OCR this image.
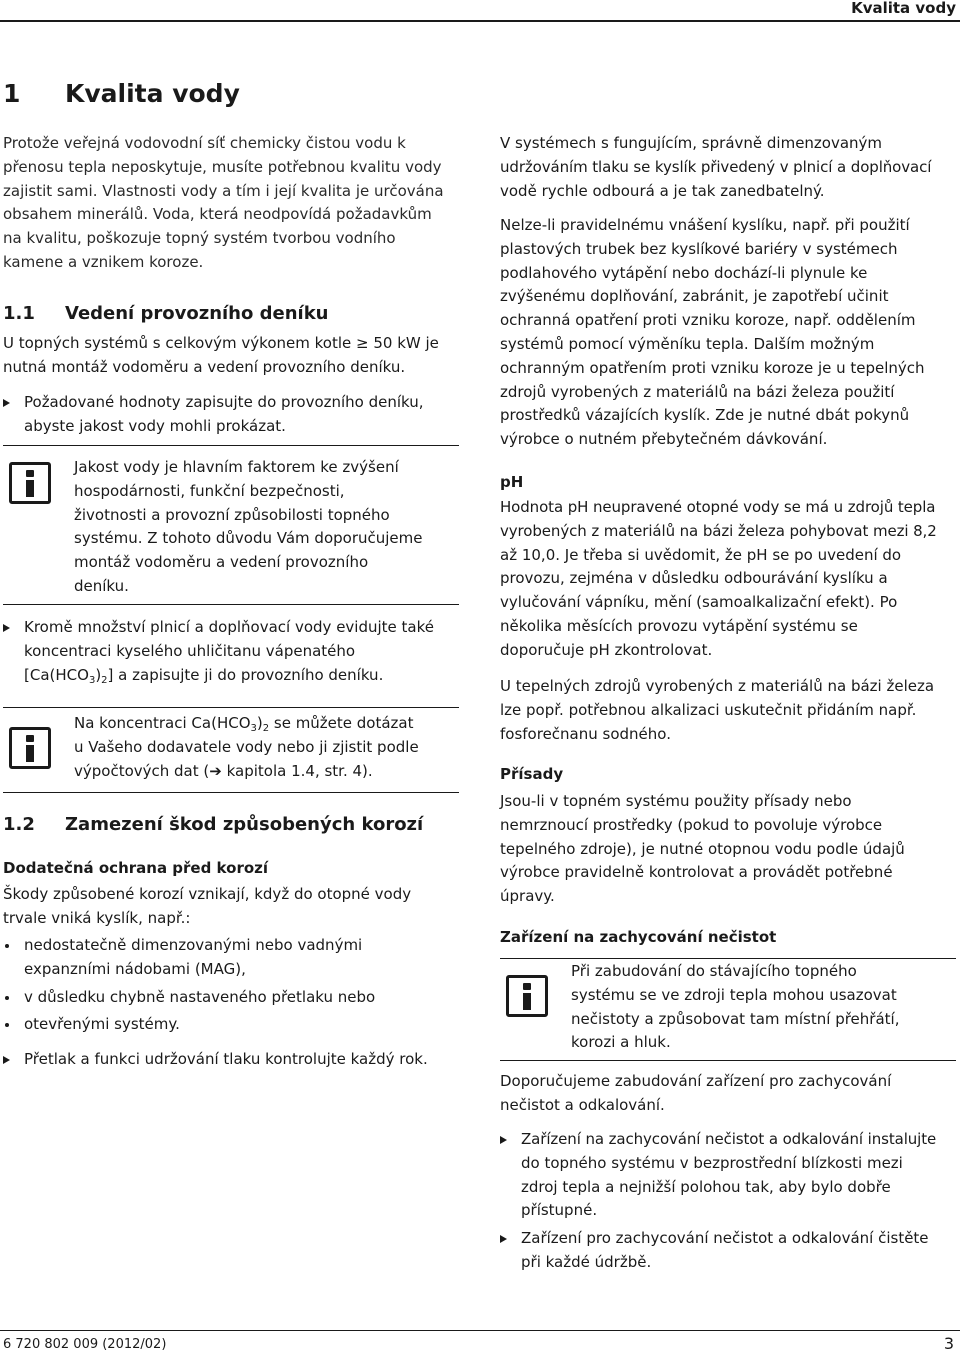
Kvalita vody
1 Kvalita vody
Protože veřejná vodovodní síť chemicky čistou vodu k
přenosu tepla neposkytuje, musíte potřebnou kvalitu vody
zajistit sami. Vlastnosti vody a tím i její kvalita je určována
obsahem minerálů. Voda, která neodpovídá požadavkům
na kvalitu, poškozuje topný systém tvorbou vodního
kamene a vznikem koroze.
1.1 Vedení provozního deníku
U topných systémů s celkovým výkonem kotle ≥ 50 kW je
nutná montáž vodoměru a vedení provozního deníku.
Požadované hodnoty zapisujte do provozního deníku,
abyste jakost vody mohli prokázat.
Jakost vody je hlavním faktorem ke zvýšení
hospodárnosti, funkční bezpečnosti,
životnosti a provozní způsobilosti topného
systému. Z tohoto důvodu Vám doporučujeme
montáž vodoměru a vedení provozního
deníku.
Kromě množství plnicí a doplňovací vody evidujte také
koncentraci kyselého uhličitanu vápenatého
$[Ca(HCO_3)_2]$ a zapisujte ji do provozního deníku.
Na koncentraci $Ca(HCO_3)_2$ se můžete dotázat
u Vašeho dodavatele vody nebo ji zjistit podle
výpočtových dat (➔ kapitola 1.4, str. 4).
1.2 Zamezení škod způsobených korozí
Dodatečná ochrana před korozí
Škody způsobené korozí vznikají, když do otopné vody
trvale vniká kyslík, např.:
nedostatečně dimenzovanými nebo vadnými
expanzními nádobami (MAG),
v důsledku chybně nastaveného přetlaku nebo
otevřenými systémy.
Přetlak a funkci udržování tlaku kontrolujte každý rok.
V systémech s fungujícím, správně dimenzovaným
udržováním tlaku se kyslík přivedený v plnicí a doplňovací
vodě rychle odbourá a je tak zanedbatelný.
Nelze-li pravidelnému vnášení kyslíku, např. při použití
plastových trubek bez kyslíkové bariéry v systémech
podlahového vytápění nebo dochází-li plynule ke
zvýšenému doplňování, zabránit, je zapotřebí učinit
ochranná opatření proti vzniku koroze, např. oddělením
systémů pomocí výměníku tepla. Dalším možným
ochranným opatřením proti vzniku koroze je u tepelných
zdrojů vyrobených z materiálů na bázi železa použití
prostředků vázajících kyslík. Zde je nutné dbát pokynů
výrobce o nutném přebytečném dávkování.
pH
Hodnota pH neupravené otopné vody se má u zdrojů tepla
vyrobených z materiálů na bázi železa pohybovat mezi 8,2
až 10,0. Je třeba si uvědomit, že pH se po uvedení do
provozu, zejména v důsledku odbourávání kyslíku a
vylučování vápníku, mění (samoalkalizační efekt). Po
několika měsících provozu vytápění systému se
doporučuje pH zkontrolovat.
U tepelných zdrojů vyrobených z materiálů na bázi železa
lze popř. potřebnou alkalizaci uskutečnit přidáním např.
fosforečnanu sodného.
Přísady
Jsou-li v topném systému použity přísady nebo
nemrznoucí prostředky (pokud to povoluje výrobce
tepelného zdroje), je nutné otopnou vodu podle údajů
výrobce pravidelně kontrolovat a provádět potřebné
úpravy.
Zařízení na zachycování nečistot
Při zabudování do stávajícího topného
systému se ve zdroji tepla mohou usazovat
nečistoty a způsobovat tam místní přehřátí,
korozi a hluk.
Doporučujeme zabudování zařízení pro zachycování
nečistot a odkalování.
Zařízení na zachycování nečistot a odkalování instalujte
do topného systému v bezprostřední blízkosti mezi
zdroj tepla a nejnižší polohou tak, aby bylo dobře
přístupné.
Zařízení pro zachycování nečistot a odkalování čistěte
při každé údržbě.
6 720 802 009 (2012/02)	3
